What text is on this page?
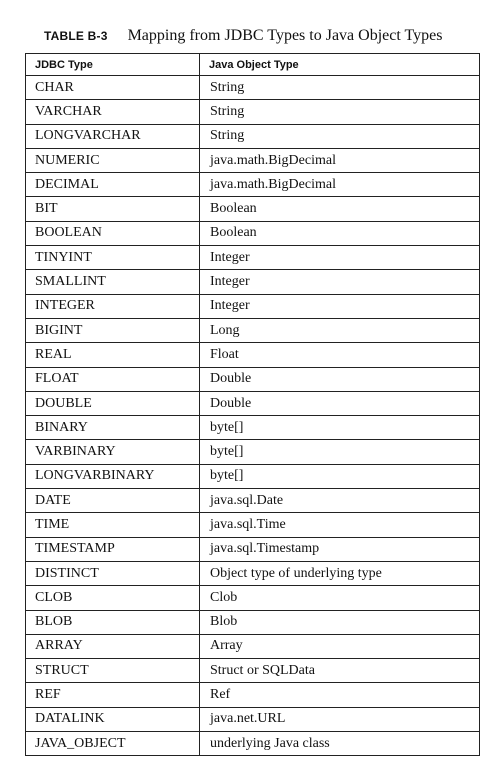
TABLE B-3 Mapping from JDBC Types to Java Object Types
JDBC Type	Java Object Type
CHAR	String
VARCHAR	String
LONGVARCHAR	String
NUMERIC	java.math.BigDecimal
DECIMAL	java.math.BigDecimal
BIT	Boolean
BOOLEAN	Boolean
TINYINT	Integer
SMALLINT	Integer
INTEGER	Integer
BIGINT	Long
REAL	Float
FLOAT	Double
DOUBLE	Double
BINARY	byte[]
VARBINARY	byte[]
LONGVARBINARY	byte[]
DATE	java.sql.Date
TIME	java.sql.Time
TIMESTAMP	java.sql.Timestamp
DISTINCT	Object type of underlying type
CLOB	Clob
BLOB	Blob
ARRAY	Array
STRUCT	Struct or SQLData
REF	Ref
DATALINK	java.net.URL
JAVA_OBJECT	underlying Java class
